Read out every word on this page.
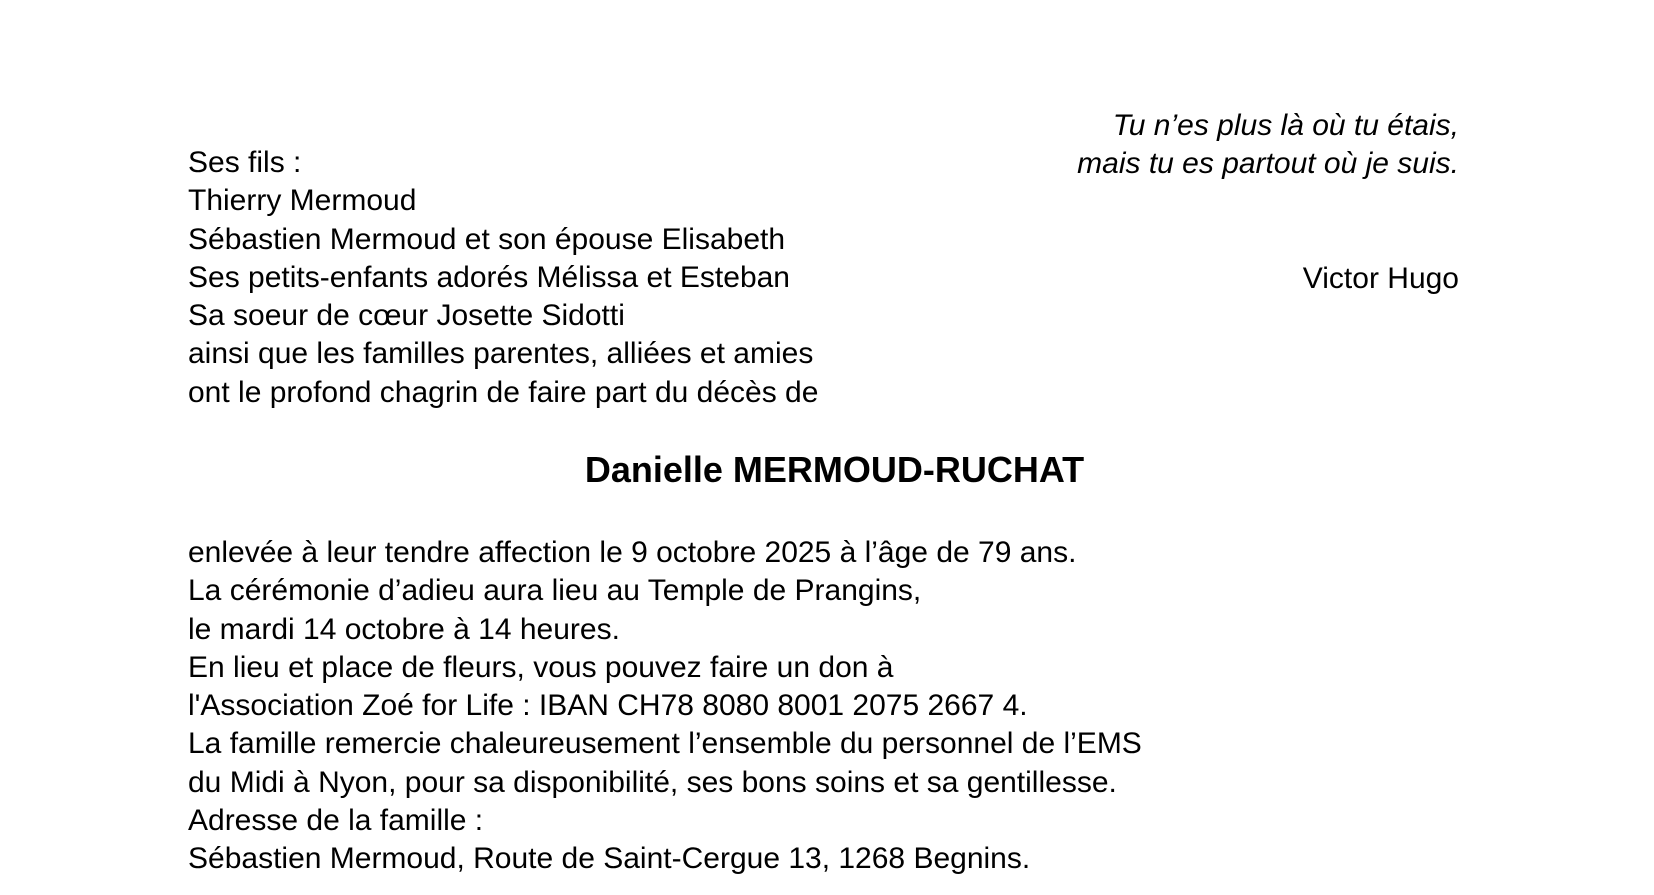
Tu n’es plus là où tu étais,
mais tu es partout où je suis.

Victor Hugo

Ses fils :
Thierry Mermoud
Sébastien Mermoud et son épouse Elisabeth
Ses petits-enfants adorés Mélissa et Esteban
Sa soeur de cœur Josette Sidotti
ainsi que les familles parentes, alliées et amies
ont le profond chagrin de faire part du décès de
Danielle MERMOUD-RUCHAT
enlevée à leur tendre affection le 9 octobre 2025 à l’âge de 79 ans.
La cérémonie d’adieu aura lieu au Temple de Prangins,
le mardi 14 octobre à 14 heures.
En lieu et place de fleurs, vous pouvez faire un don à
l'Association Zoé for Life : IBAN CH78 8080 8001 2075 2667 4.
La famille remercie chaleureusement l’ensemble du personnel de l’EMS
du Midi à Nyon, pour sa disponibilité, ses bons soins et sa gentillesse.
Adresse de la famille :
Sébastien Mermoud, Route de Saint-Cergue 13, 1268 Begnins.
